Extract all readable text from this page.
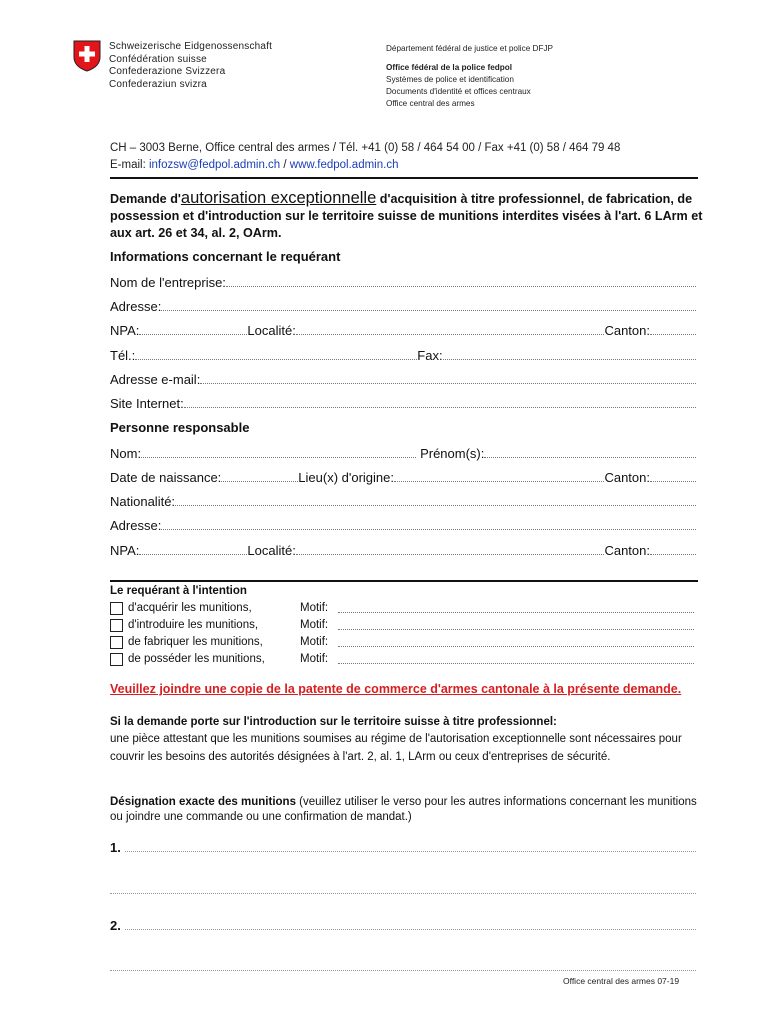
Schweizerische Eidgenossenschaft
Confédération suisse
Confederazione Svizzera
Confederaziun svizra
Département fédéral de justice et police DFJP
Office fédéral de la police fedpol
Systèmes de police et identification
Documents d'identité et offices centraux
Office central des armes
CH – 3003 Berne, Office central des armes / Tél. +41 (0) 58 / 464 54 00 / Fax +41 (0) 58 / 464 79 48
E-mail: infozsw@fedpol.admin.ch / www.fedpol.admin.ch
Demande d'autorisation exceptionnelle d'acquisition à titre professionnel, de fabrication, de possession et d'introduction sur le territoire suisse de munitions interdites visées à l'art. 6 LArm et aux art. 26 et 34, al. 2, OArm.
Informations concernant le requérant
Nom de l'entreprise:
Adresse:
NPA:	Localité:	Canton:
Tél.:	Fax:
Adresse e-mail:
Site Internet:
Personne responsable
Nom:	Prénom(s):
Date de naissance:	Lieu(x) d'origine:	Canton:
Nationalité:
Adresse:
NPA:	Localité:	Canton:
Le requérant à l'intention
d'acquérir les munitions,	Motif:
d'introduire les munitions,	Motif:
de fabriquer les munitions,	Motif:
de posséder les munitions,	Motif:
Veuillez joindre une copie de la patente de commerce d'armes cantonale à la présente demande.
Si la demande porte sur l'introduction sur le territoire suisse à titre professionnel:
une pièce attestant que les munitions soumises au régime de l'autorisation exceptionnelle sont nécessaires pour couvrir les besoins des autorités désignées à l'art. 2, al. 1, LArm ou ceux d'entreprises de sécurité.
Désignation exacte des munitions (veuillez utiliser le verso pour les autres informations concernant les munitions ou joindre une commande ou une confirmation de mandat.)
1.
2.
Office central des armes 07-19
